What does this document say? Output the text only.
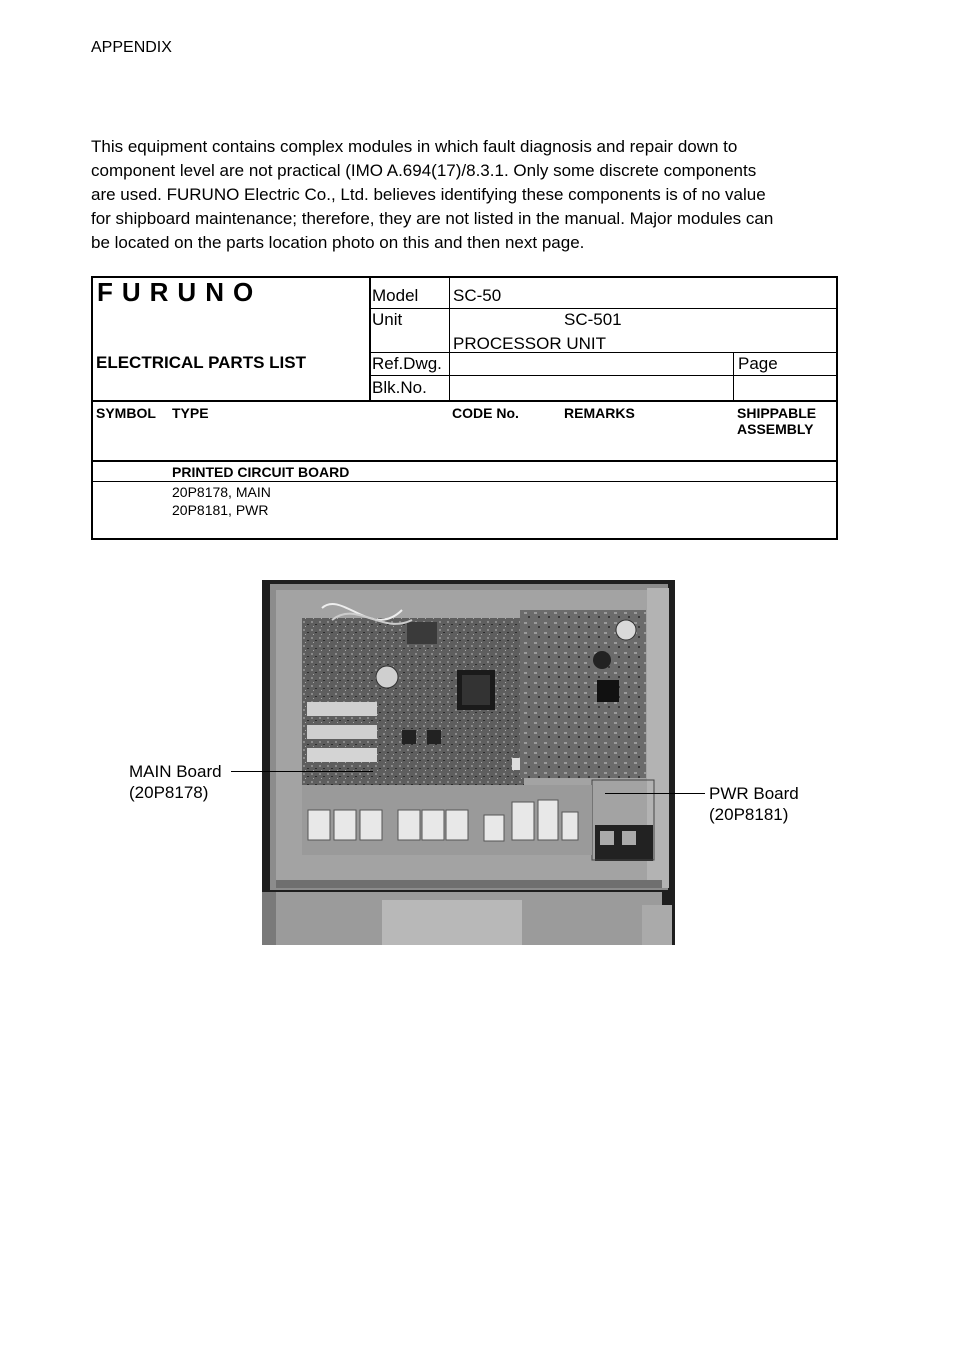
APPENDIX
This equipment contains complex modules in which fault diagnosis and repair down to
component level are not practical (IMO A.694(17)/8.3.1. Only some discrete components
are used. FURUNO Electric Co., Ltd. believes identifying these components is of no value
for shipboard maintenance; therefore, they are not listed in the manual. Major modules can
be located on the parts location photo on this and then next page.
FURUNO
ELECTRICAL PARTS LIST
Model SC-50
Unit	SC-501
PROCESSOR UNIT
Ref.Dwg.	Page
Blk.No.
SYMBOL TYPE	CODE No.	REMARKS	SHIPPABLE
ASSEMBLY
PRINTED CIRCUIT BOARD
20P8178, MAIN
20P8181, PWR
MAIN Board
(20P8178)	PWR Board
(20P8181)
